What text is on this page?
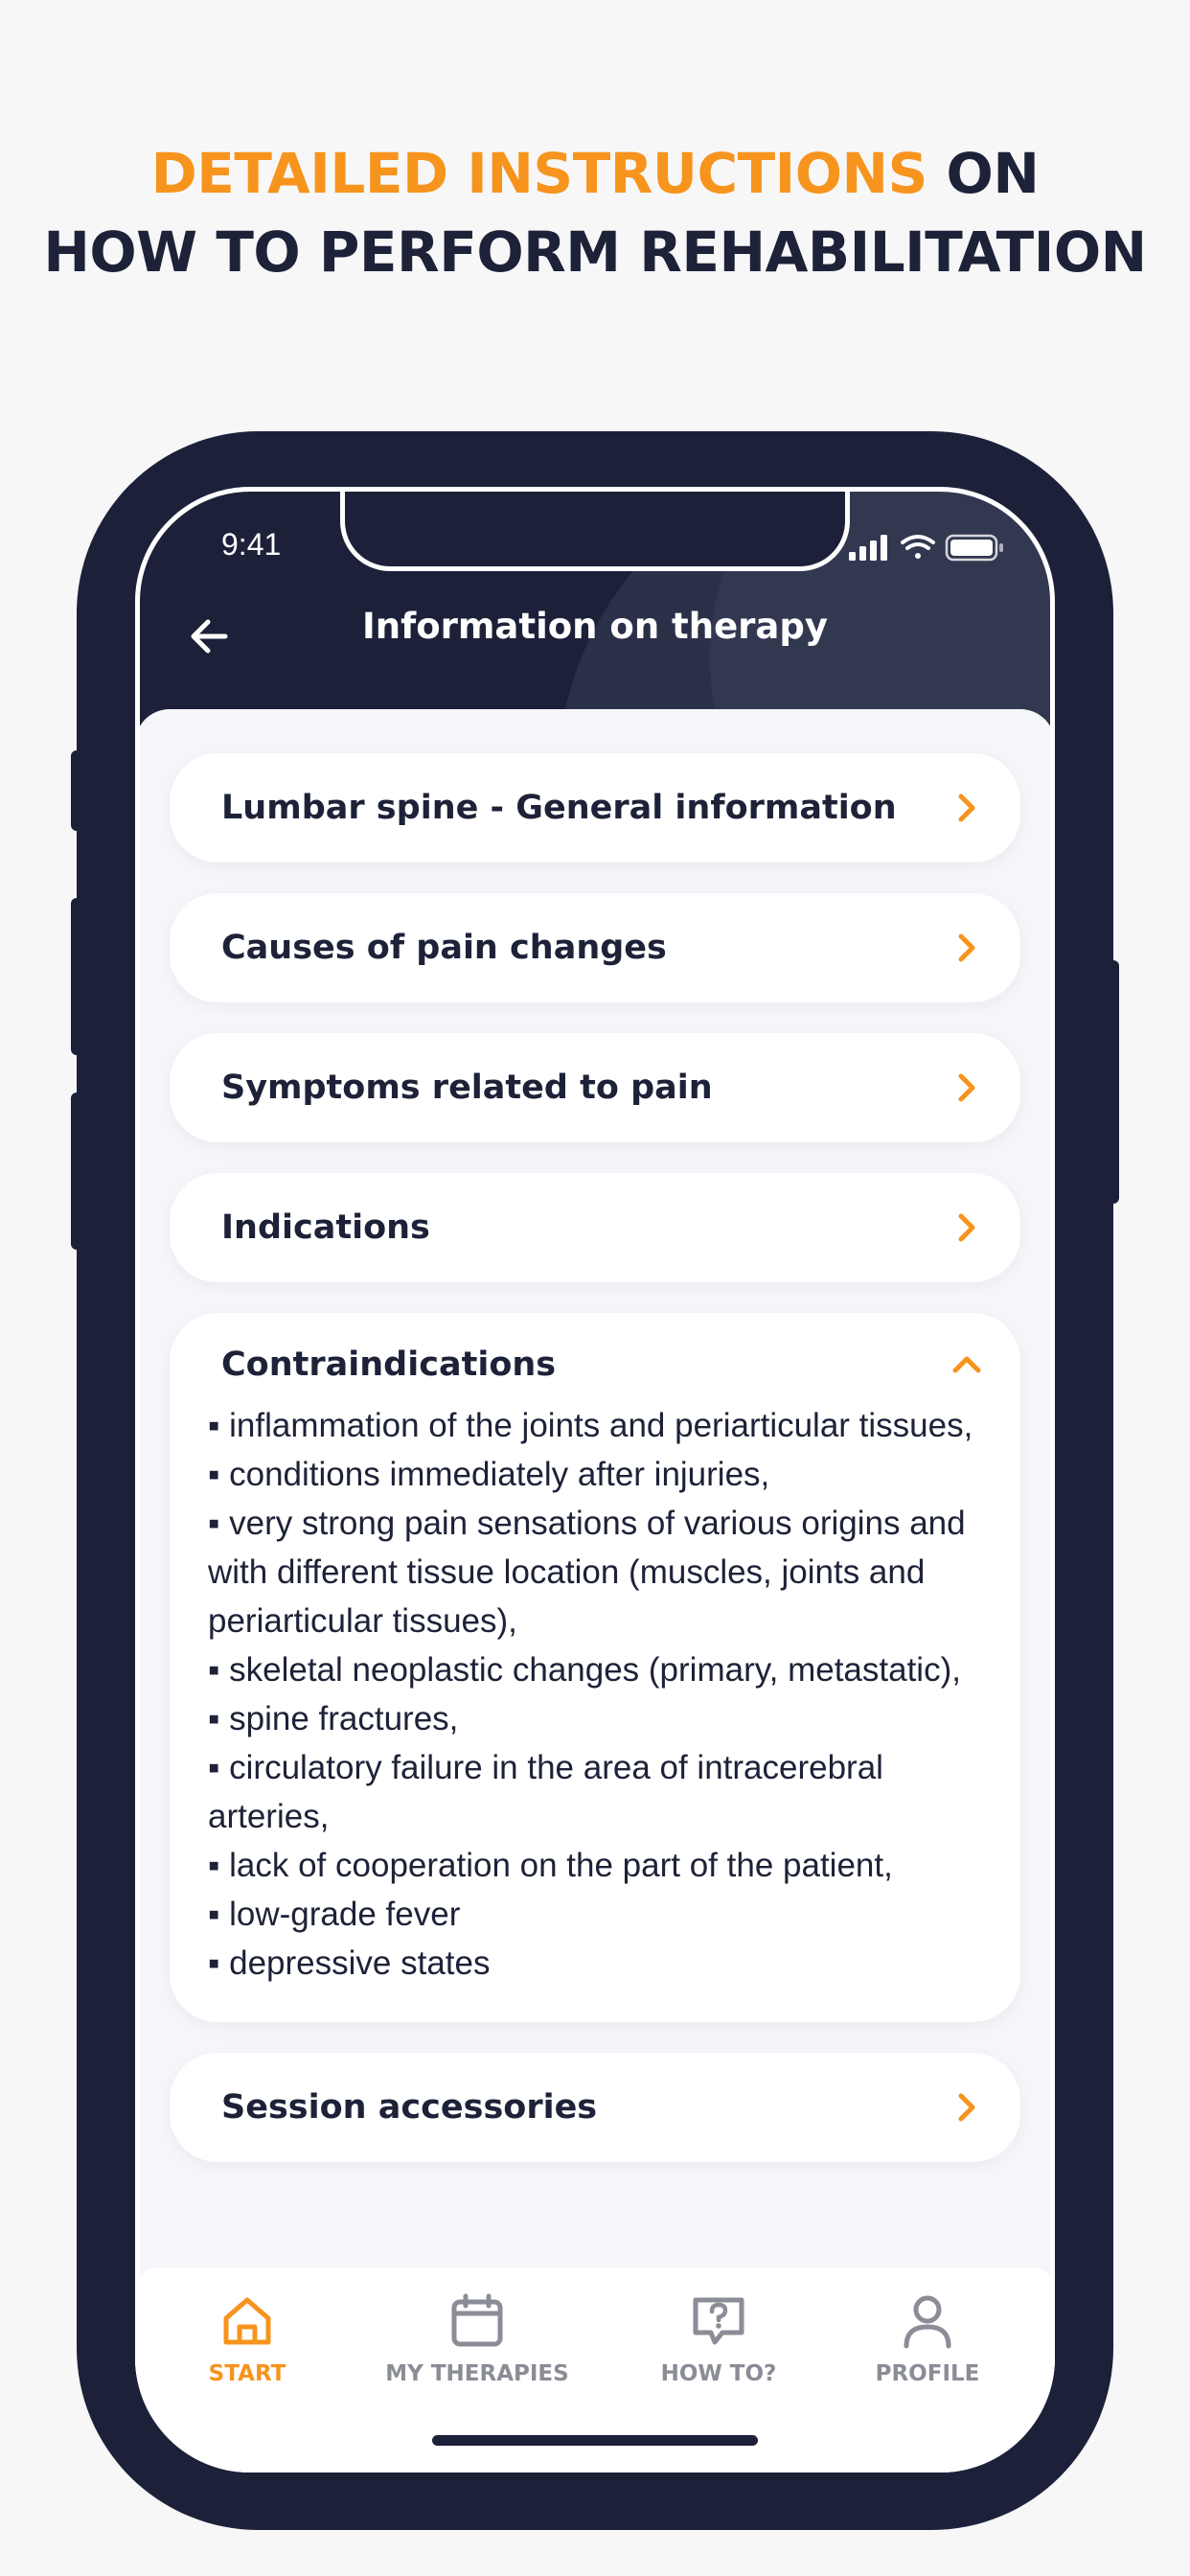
DETAILED INSTRUCTIONS ON
HOW TO PERFORM REHABILITATION
9:41
Information on therapy
Lumbar spine - General information
Causes of pain changes
Symptoms related to pain
Indications
Contraindications
▪ inflammation of the joints and periarticular tissues,
▪ conditions immediately after injuries,
▪ very strong pain sensations of various origins and with different tissue location (muscles, joints and periarticular tissues),
▪ skeletal neoplastic changes (primary, metastatic),
▪ spine fractures,
▪ circulatory failure in the area of intracerebral arteries,
▪ lack of cooperation on the part of the patient,
▪ low-grade fever
▪ depressive states
Session accessories
START	MY THERAPIES	HOW TO?	PROFILE
